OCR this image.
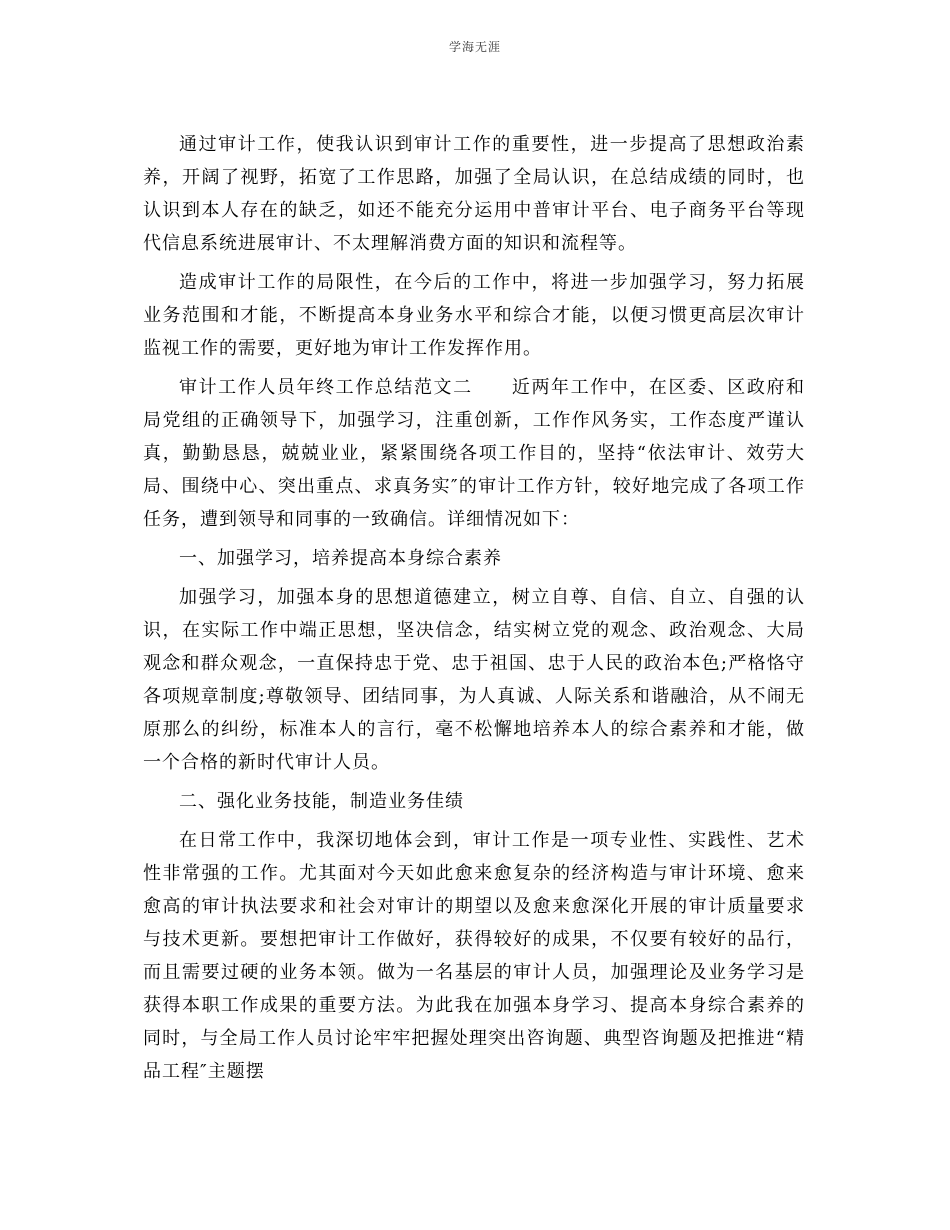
学海无涯

通过审计工作，使我认识到审计工作的重要性，进一步提高了思想政治素养，开阔了视野，拓宽了工作思路，加强了全局认识，在总结成绩的同时，也认识到本人存在的缺乏，如还不能充分运用中普审计平台、电子商务平台等现代信息系统进展审计、不太理解消费方面的知识和流程等。

造成审计工作的局限性，在今后的工作中，将进一步加强学习，努力拓展业务范围和才能，不断提高本身业务水平和综合才能，以便习惯更高层次审计监视工作的需要，更好地为审计工作发挥作用。

审计工作人员年终工作总结范文二　　近两年工作中，在区委、区政府和局党组的正确领导下，加强学习，注重创新，工作作风务实，工作态度严谨认真，勤勤恳恳，兢兢业业，紧紧围绕各项工作目的，坚持“依法审计、效劳大局、围绕中心、突出重点、求真务实″的审计工作方针，较好地完成了各项工作任务，遭到领导和同事的一致确信。详细情况如下：

一、加强学习，培养提高本身综合素养

加强学习，加强本身的思想道德建立，树立自尊、自信、自立、自强的认识，在实际工作中端正思想，坚决信念，结实树立党的观念、政治观念、大局观念和群众观念，一直保持忠于党、忠于祖国、忠于人民的政治本色;严格恪守各项规章制度;尊敬领导、团结同事，为人真诚、人际关系和谐融洽，从不闹无原那么的纠纷，标准本人的言行，毫不松懈地培养本人的综合素养和才能，做一个合格的新时代审计人员。

二、强化业务技能，制造业务佳绩

在日常工作中，我深切地体会到，审计工作是一项专业性、实践性、艺术性非常强的工作。尤其面对今天如此愈来愈复杂的经济构造与审计环境、愈来愈高的审计执法要求和社会对审计的期望以及愈来愈深化开展的审计质量要求与技术更新。要想把审计工作做好，获得较好的成果，不仅要有较好的品行，而且需要过硬的业务本领。做为一名基层的审计人员，加强理论及业务学习是获得本职工作成果的重要方法。为此我在加强本身学习、提高本身综合素养的同时，与全局工作人员讨论牢牢把握处理突出咨询题、典型咨询题及把推进“精品工程″主题摆
